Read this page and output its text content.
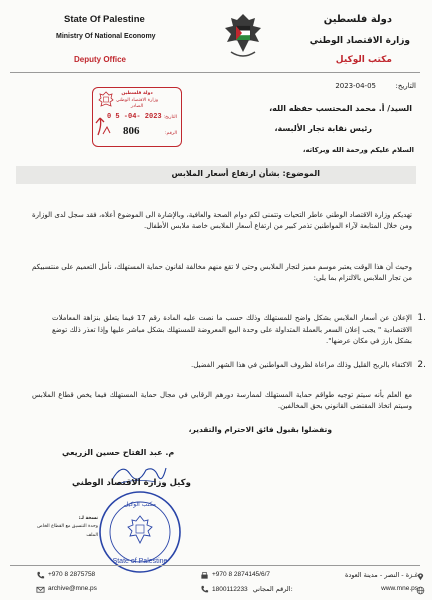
State Of Palestine
Ministry Of National Economy
Deputy Office
دولة فلسطين
وزارة الاقتصاد الوطني
مكتب الوكيل
التاريخ:
2023-04-05
دولة فلسطين
وزارة الاقتصاد الوطني
الصادر
0 5 -04- 2023 التاريخ:
الرقم:
806
السيد/ أ. محمد المحتسب حفظه الله،
رئيس نقابة تجار الألبسة،
السلام عليكم ورحمة الله وبركاته،
الموضوع: بشأن ارتفاع أسعار الملابس
تهديكم وزارة الاقتصاد الوطني عاطر التحيات وتتمنى لكم دوام الصحة والعافية، وبالإشارة الى الموضوع أعلاه، فقد سجل لدى الوزارة ومن خلال المتابعة لآراء المواطنين تذمر كبير من ارتفاع أسعار الملابس خاصة ملابس الأطفال.
وحيث أن هذا الوقت يعتبر موسم مميز لتجار الملابس وحتى لا تقع منهم مخالفة لقانون حماية المستهلك، نأمل التعميم على منتسبيكم من تجار الملابس بالالتزام بما يلي:
1.
الإعلان عن أسعار الملابس بشكل واضح للمستهلك وذلك حسب ما نصت عليه المادة رقم 17 فيما يتعلق بنزاهة المعاملات الاقتصادية " يجب إعلان السعر بالعملة المتداولة على وحدة البيع المعروضة للمستهلك بشكل مباشر عليها وإذا تعذر ذلك توضع بشكل بارز في مكان عرضها".
2.
الاكتفاء بالربح القليل وذلك مراعاة لظروف المواطنين في هذا الشهر الفضيل.
مع العلم بأنه سيتم توجيه طواقم حماية المستهلك لممارسة دورهم الرقابي في مجال حماية المستهلك فيما يخص قطاع الملابس وسيتم اتخاذ المقتضى القانوني بحق المخالفين.
وتفضلوا بقبول فائق الاحترام والتقدير،
م. عبد الفتاح حسين الزريعي
وكيل وزارة الاقتصاد الوطني
مكتب الوكيل
State of Palestine
نسخة لـ:
وحدة التنسيق مع القطاع الخاص
الملف
+970 8 2875758
archive@mne.ps
+970 8 2874145/6/7
1800112233 الرقم المجاني:
غـزة - النصر - مدينة العودة
www.mne.ps
